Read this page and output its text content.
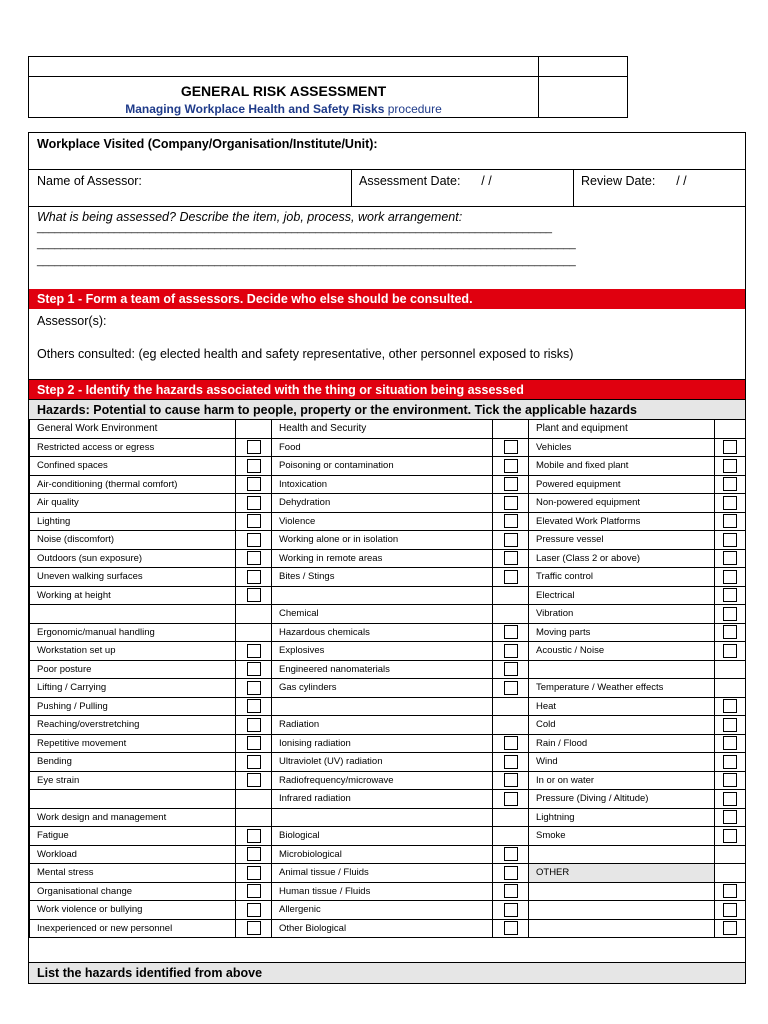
GENERAL RISK ASSESSMENT
Managing Workplace Health and Safety Risks procedure
Workplace Visited (Company/Organisation/Institute/Unit):
Name of Assessor:	Assessment Date: / /	Review Date: / /
What is being assessed? Describe the item, job, process, work arrangement:
_______________________________________________________________________________________
___________________________________________________________________________________________
___________________________________________________________________________________________
Step 1 - Form a team of assessors. Decide who else should be consulted.
Assessor(s):
Others consulted: (eg elected health and safety representative, other personnel exposed to risks)
Step 2 - Identify the hazards associated with the thing or situation being assessed
Hazards: Potential to cause harm to people, property or the environment. Tick the applicable hazards
General Work Environment		Health and Security		Plant and equipment	
Restricted access or egress		Food		Vehicles	
Confined spaces		Poisoning or contamination		Mobile and fixed plant	
Air-conditioning (thermal comfort)		Intoxication		Powered equipment	
Air quality		Dehydration		Non-powered equipment	
Lighting		Violence		Elevated Work Platforms	
Noise (discomfort)		Working alone or in isolation		Pressure vessel	
Outdoors (sun exposure)		Working in remote areas		Laser (Class 2 or above)	
Uneven walking surfaces		Bites / Stings		Traffic control	
Working at height				Electrical	
		Chemical		Vibration	
Ergonomic/manual handling		Hazardous chemicals		Moving parts	
Workstation set up		Explosives		Acoustic / Noise	
Poor posture		Engineered nanomaterials			
Lifting / Carrying		Gas cylinders		Temperature / Weather effects	
Pushing / Pulling				Heat	
Reaching/overstretching		Radiation		Cold	
Repetitive movement		Ionising radiation		Rain / Flood	
Bending		Ultraviolet (UV) radiation		Wind	
Eye strain		Radiofrequency/microwave		In or on water	
		Infrared radiation		Pressure (Diving / Altitude)	
Work design and management				Lightning	
Fatigue		Biological		Smoke	
Workload		Microbiological			
Mental stress		Animal tissue / Fluids		OTHER	
Organisational change		Human tissue / Fluids			
Work violence or bullying		Allergenic			
Inexperienced or new personnel		Other Biological			
List the hazards identified from above
